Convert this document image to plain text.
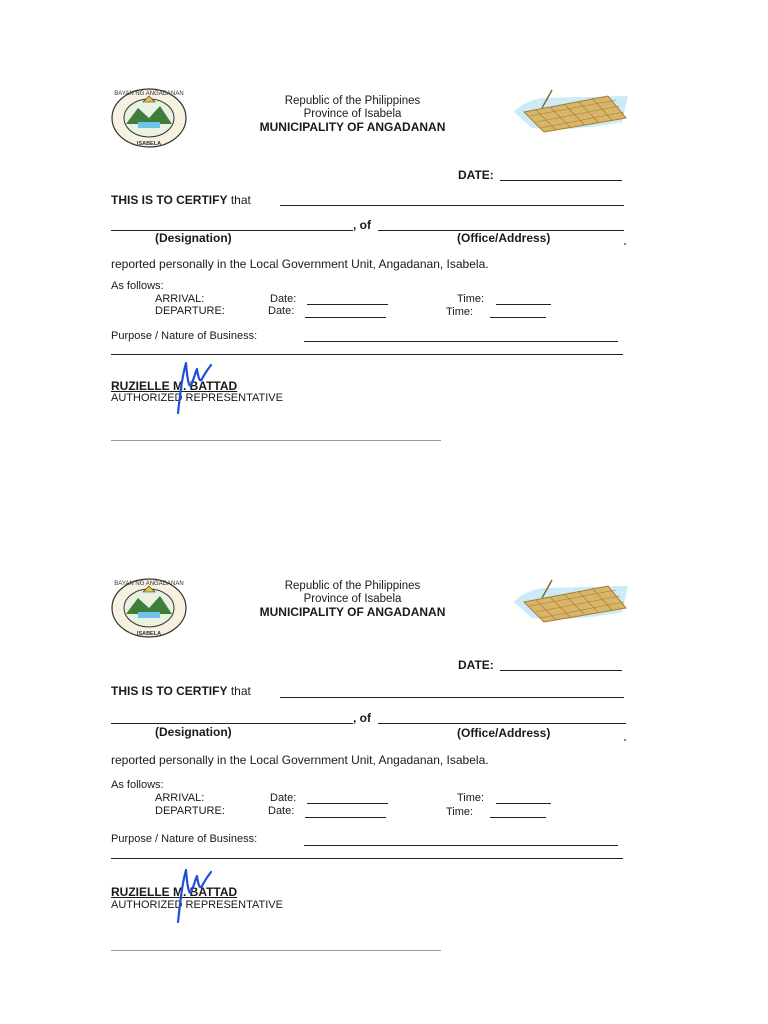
BAYAN NG ANGADANAN
ISABELA
Republic of the Philippines
Province of Isabela
MUNICIPALITY OF ANGADANAN
DATE:
THIS IS TO CERTIFY that
, of
(Designation)	(Office/Address)
reported personally in the Local Government Unit, Angadanan, Isabela.
As follows:
ARRIVAL:	Date:	Time:
DEPARTURE:	Date:	Time:
Purpose / Nature of Business:
RUZIELLE M. BATTAD
AUTHORIZED REPRESENTATIVE
BAYAN NG ANGADANAN
ISABELA
Republic of the Philippines
Province of Isabela
MUNICIPALITY OF ANGADANAN
DATE:
THIS IS TO CERTIFY that
, of
(Designation)	(Office/Address)
reported personally in the Local Government Unit, Angadanan, Isabela.
As follows:
ARRIVAL:	Date:	Time:
DEPARTURE:	Date:	Time:
Purpose / Nature of Business:
RUZIELLE M. BATTAD
AUTHORIZED REPRESENTATIVE
